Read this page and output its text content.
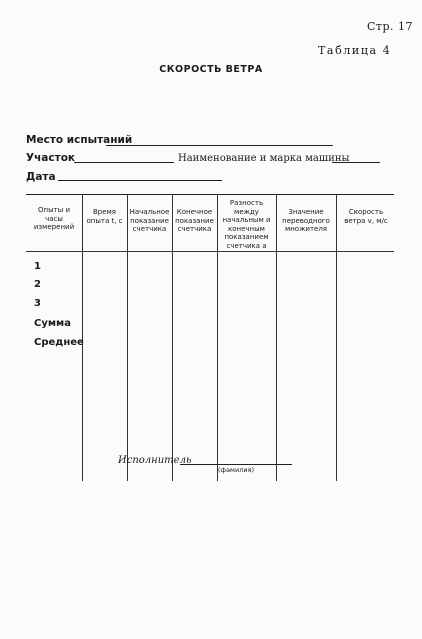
Стр. 17
Таблица 4
СКОРОСТЬ ВЕТРА
Место испытаний
Участок	Наименование и марка машины
Дата
Опыты и часы измерений
Время опыта t, с
Начальное показание счетчика
Конечное показание счетчика
Разность между начальным и конечным показанием счетчика a
Значение переводного множителя
Скорость ветра v, м/с
1
2
3
Сумма
Среднее
Исполнитель
(фамилия)
